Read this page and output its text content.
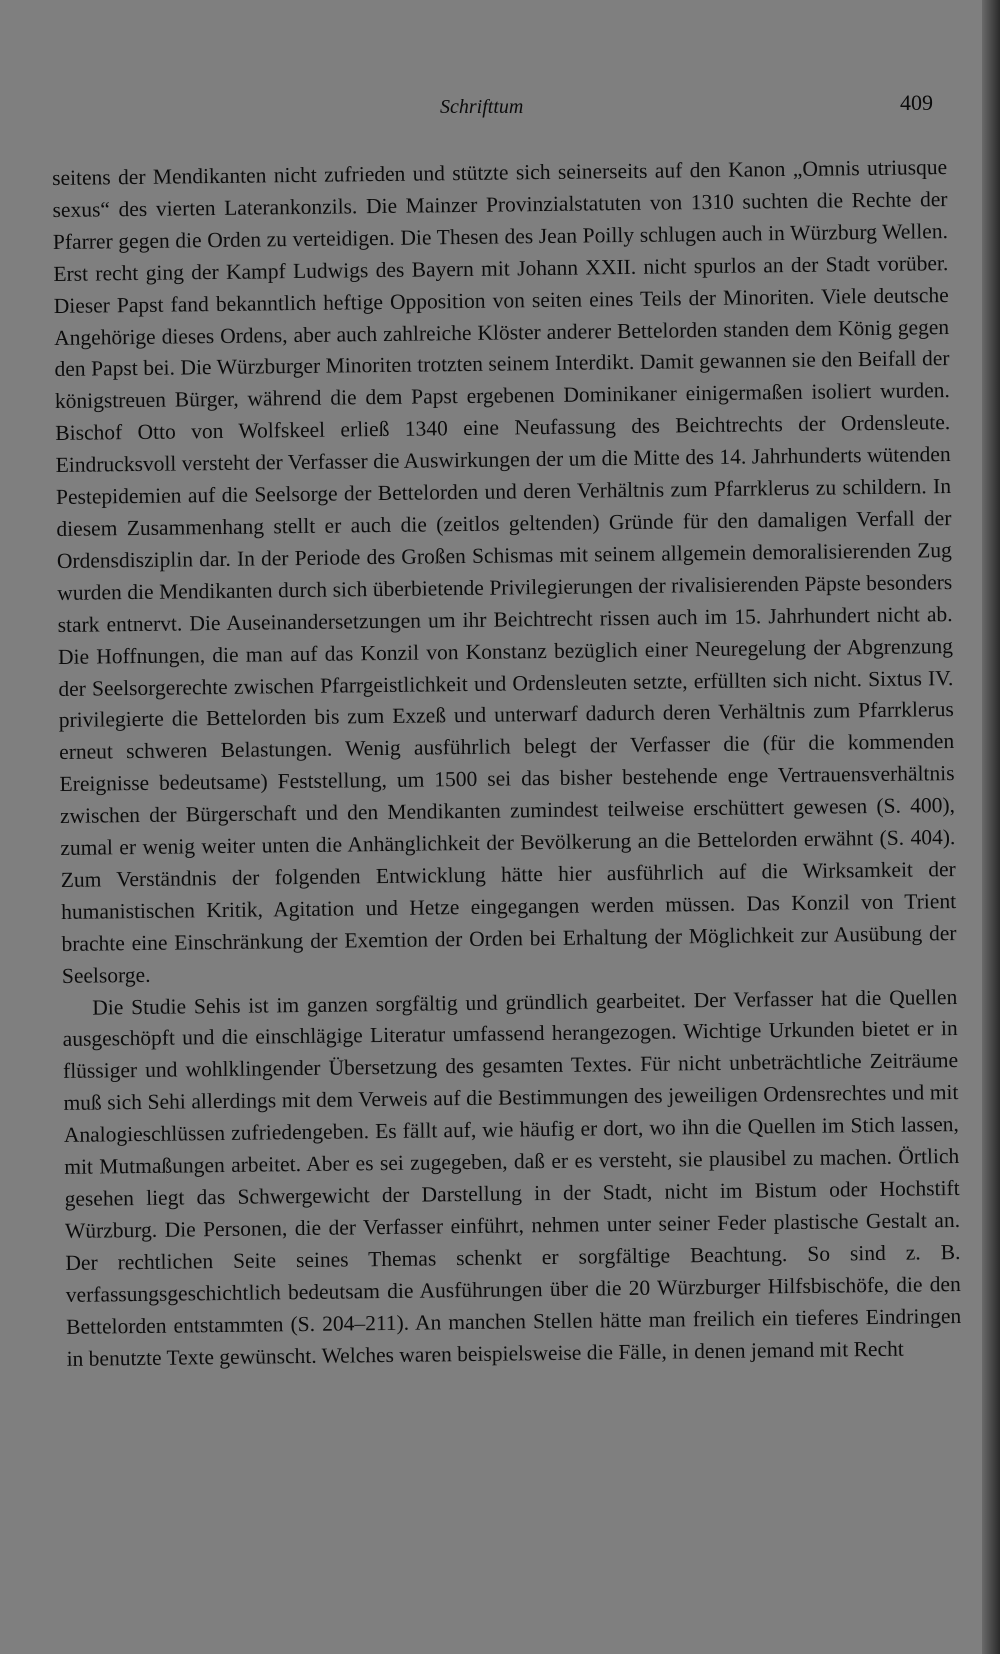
Schrifttum	409

seitens der Mendikanten nicht zufrieden und stützte sich seinerseits auf den Kanon „Omnis utriusque sexus“ des vierten Laterankonzils. Die Mainzer Provinzialstatuten von 1310 suchten die Rechte der Pfarrer gegen die Orden zu verteidigen. Die Thesen des Jean Poilly schlugen auch in Würzburg Wellen. Erst recht ging der Kampf Ludwigs des Bayern mit Johann XXII. nicht spurlos an der Stadt vorüber. Dieser Papst fand bekanntlich heftige Opposition von seiten eines Teils der Minoriten. Viele deutsche Angehörige dieses Ordens, aber auch zahlreiche Klöster anderer Bettelorden standen dem König gegen den Papst bei. Die Würzburger Minoriten trotzten seinem Interdikt. Damit gewannen sie den Beifall der königstreuen Bürger, während die dem Papst ergebenen Dominikaner einigermaßen isoliert wurden. Bischof Otto von Wolfskeel erließ 1340 eine Neufassung des Beichtrechts der Ordensleute. Eindrucksvoll versteht der Verfasser die Auswirkungen der um die Mitte des 14. Jahrhunderts wütenden Pestepidemien auf die Seelsorge der Bettelorden und deren Verhältnis zum Pfarrklerus zu schildern. In diesem Zusammenhang stellt er auch die (zeitlos geltenden) Gründe für den damaligen Verfall der Ordensdisziplin dar. In der Periode des Großen Schismas mit seinem allgemein demoralisierenden Zug wurden die Mendikanten durch sich überbietende Privilegierungen der rivalisierenden Päpste besonders stark entnervt. Die Auseinandersetzungen um ihr Beichtrecht rissen auch im 15. Jahrhundert nicht ab. Die Hoffnungen, die man auf das Konzil von Konstanz bezüglich einer Neuregelung der Abgrenzung der Seelsorgerechte zwischen Pfarrgeistlichkeit und Ordensleuten setzte, erfüllten sich nicht. Sixtus IV. privilegierte die Bettelorden bis zum Exzeß und unterwarf dadurch deren Verhältnis zum Pfarrklerus erneut schweren Belastungen. Wenig ausführlich belegt der Verfasser die (für die kommenden Ereignisse bedeutsame) Feststellung, um 1500 sei das bisher bestehende enge Vertrauensverhältnis zwischen der Bürgerschaft und den Mendikanten zumindest teilweise erschüttert gewesen (S. 400), zumal er wenig weiter unten die Anhänglichkeit der Bevölkerung an die Bettelorden erwähnt (S. 404). Zum Verständnis der folgenden Entwicklung hätte hier ausführlich auf die Wirksamkeit der humanistischen Kritik, Agitation und Hetze eingegangen werden müssen. Das Konzil von Trient brachte eine Einschränkung der Exemtion der Orden bei Erhaltung der Möglichkeit zur Ausübung der Seelsorge.

Die Studie Sehis ist im ganzen sorgfältig und gründlich gearbeitet. Der Verfasser hat die Quellen ausgeschöpft und die einschlägige Literatur umfassend herangezogen. Wichtige Urkunden bietet er in flüssiger und wohlklingender Übersetzung des gesamten Textes. Für nicht unbeträchtliche Zeiträume muß sich Sehi allerdings mit dem Verweis auf die Bestimmungen des jeweiligen Ordensrechtes und mit Analogieschlüssen zufriedengeben. Es fällt auf, wie häufig er dort, wo ihn die Quellen im Stich lassen, mit Mutmaßungen arbeitet. Aber es sei zugegeben, daß er es versteht, sie plausibel zu machen. Örtlich gesehen liegt das Schwergewicht der Darstellung in der Stadt, nicht im Bistum oder Hochstift Würzburg. Die Personen, die der Verfasser einführt, nehmen unter seiner Feder plastische Gestalt an. Der rechtlichen Seite seines Themas schenkt er sorgfältige Beachtung. So sind z. B. verfassungsgeschichtlich bedeutsam die Ausführungen über die 20 Würzburger Hilfsbischöfe, die den Bettelorden entstammten (S. 204–211). An manchen Stellen hätte man freilich ein tieferes Eindringen in benutzte Texte gewünscht. Welches waren beispielsweise die Fälle, in denen jemand mit Recht
